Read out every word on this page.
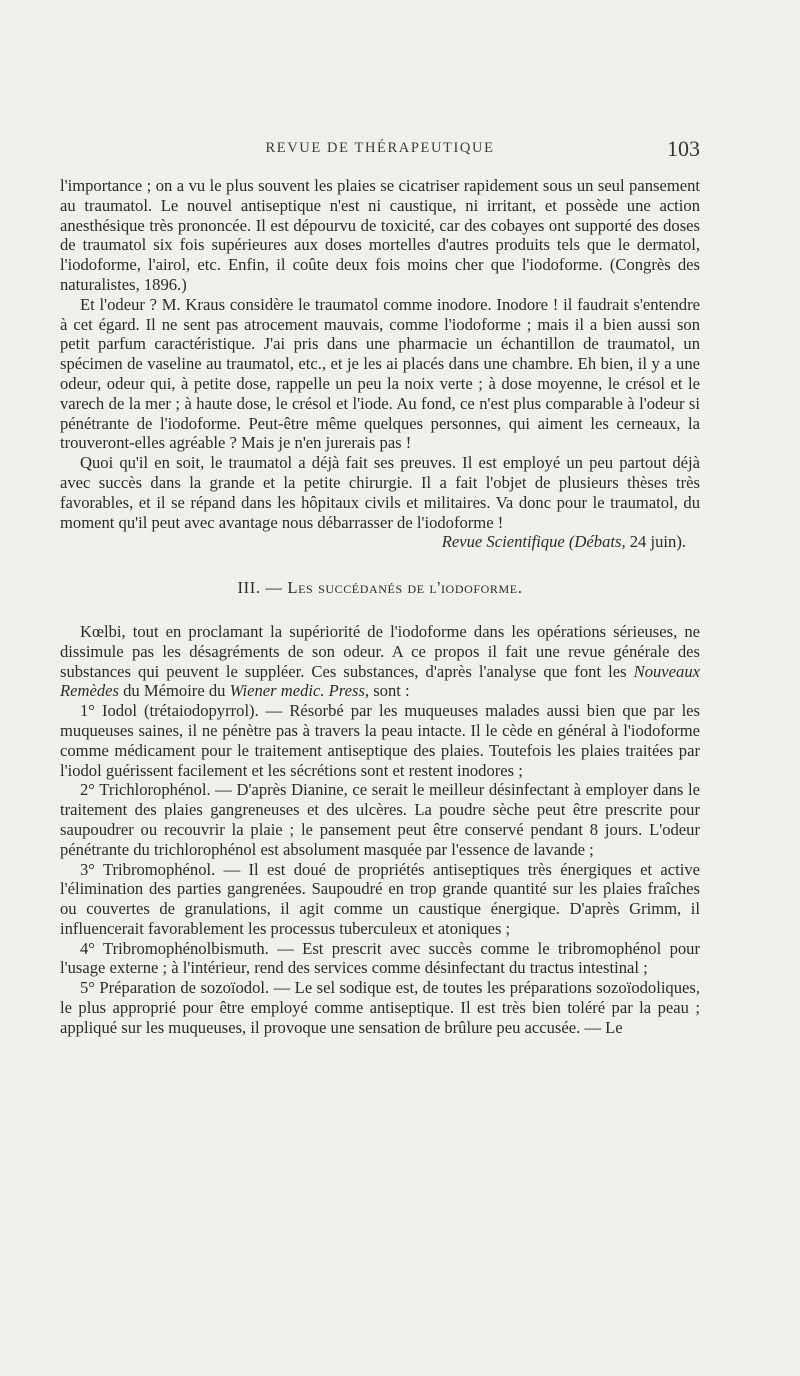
REVUE DE THÉRAPEUTIQUE	103

l'importance ; on a vu le plus souvent les plaies se cicatriser rapidement sous un seul pansement au traumatol. Le nouvel antiseptique n'est ni caustique, ni irritant, et possède une action anesthésique très prononcée. Il est dépourvu de toxicité, car des cobayes ont supporté des doses de traumatol six fois supérieures aux doses mortelles d'autres produits tels que le dermatol, l'iodoforme, l'airol, etc. Enfin, il coûte deux fois moins cher que l'iodoforme. (Congrès des naturalistes, 1896.)

Et l'odeur ? M. Kraus considère le traumatol comme inodore. Inodore ! il faudrait s'entendre à cet égard. Il ne sent pas atrocement mauvais, comme l'iodoforme ; mais il a bien aussi son petit parfum caractéristique. J'ai pris dans une pharmacie un échantillon de traumatol, un spécimen de vaseline au traumatol, etc., et je les ai placés dans une chambre. Eh bien, il y a une odeur, odeur qui, à petite dose, rappelle un peu la noix verte ; à dose moyenne, le crésol et le varech de la mer ; à haute dose, le crésol et l'iode. Au fond, ce n'est plus comparable à l'odeur si pénétrante de l'iodoforme. Peut-être même quelques personnes, qui aiment les cerneaux, la trouveront-elles agréable ? Mais je n'en jurerais pas !

Quoi qu'il en soit, le traumatol a déjà fait ses preuves. Il est employé un peu partout déjà avec succès dans la grande et la petite chirurgie. Il a fait l'objet de plusieurs thèses très favorables, et il se répand dans les hôpitaux civils et militaires. Va donc pour le traumatol, du moment qu'il peut avec avantage nous débarrasser de l'iodoforme !

Revue Scientifique (Débats, 24 juin).
III. — Les succédanés de l'iodoforme.

Kœlbi, tout en proclamant la supériorité de l'iodoforme dans les opérations sérieuses, ne dissimule pas les désagréments de son odeur. A ce propos il fait une revue générale des substances qui peuvent le suppléer. Ces substances, d'après l'analyse que font les Nouveaux Remèdes du Mémoire du Wiener medic. Press, sont :

1° Iodol (trétaiodopyrrol). — Résorbé par les muqueuses malades aussi bien que par les muqueuses saines, il ne pénètre pas à travers la peau intacte. Il le cède en général à l'iodoforme comme médicament pour le traitement antiseptique des plaies. Toutefois les plaies traitées par l'iodol guérissent facilement et les sécrétions sont et restent inodores ;

2° Trichlorophénol. — D'après Dianine, ce serait le meilleur désinfectant à employer dans le traitement des plaies gangreneuses et des ulcères. La poudre sèche peut être prescrite pour saupoudrer ou recouvrir la plaie ; le pansement peut être conservé pendant 8 jours. L'odeur pénétrante du trichlorophénol est absolument masquée par l'essence de lavande ;

3° Tribromophénol. — Il est doué de propriétés antiseptiques très énergiques et active l'élimination des parties gangrenées. Saupoudré en trop grande quantité sur les plaies fraîches ou couvertes de granulations, il agit comme un caustique énergique. D'après Grimm, il influencerait favorablement les processus tuberculeux et atoniques ;

4° Tribromophénolbismuth. — Est prescrit avec succès comme le tribromophénol pour l'usage externe ; à l'intérieur, rend des services comme désinfectant du tractus intestinal ;

5° Préparation de sozoïodol. — Le sel sodique est, de toutes les préparations sozoïodoliques, le plus approprié pour être employé comme antiseptique. Il est très bien toléré par la peau ; appliqué sur les muqueuses, il provoque une sensation de brûlure peu accusée. — Le
